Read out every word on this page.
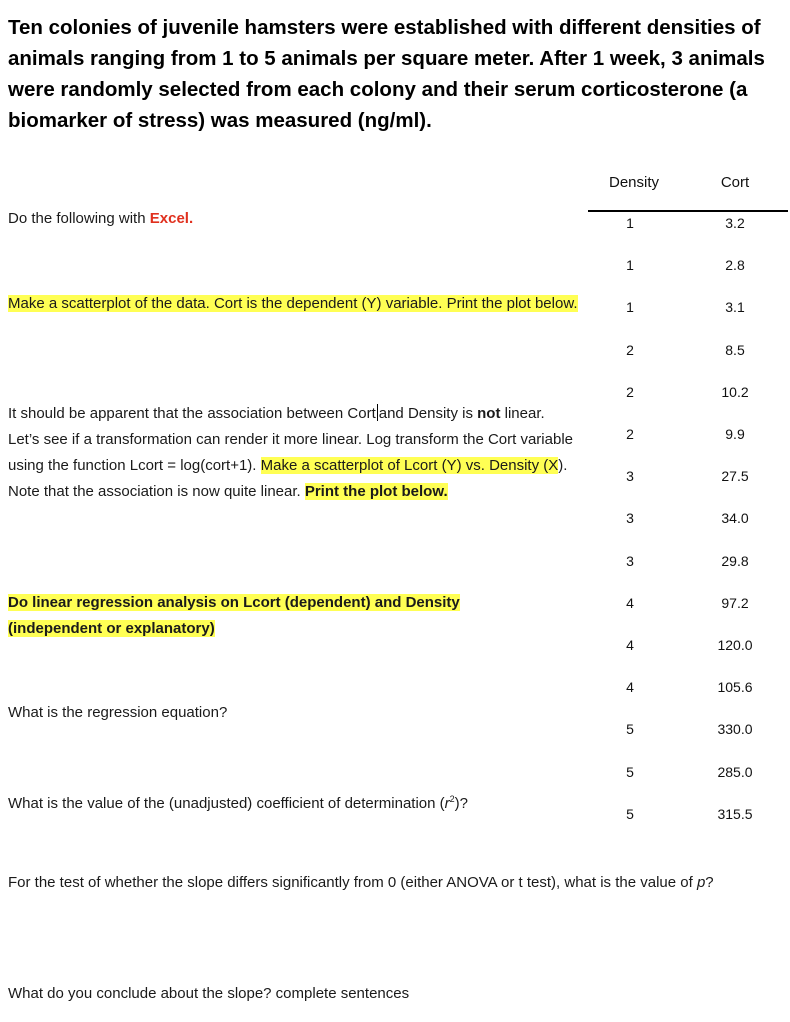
Ten colonies of juvenile hamsters were established with different densities of animals ranging from 1 to 5 animals per square meter. After 1 week, 3 animals were randomly selected from each colony and their serum corticosterone (a biomarker of stress) was measured (ng/ml).
Do the following with Excel.
Make a scatterplot of the data. Cort is the dependent (Y) variable. Print the plot below.
It should be apparent that the association between Cort and Density is not linear. Let’s see if a transformation can render it more linear. Log transform the Cort variable using the function Lcort = log(cort+1). Make a scatterplot of Lcort (Y) vs. Density (X). Note that the association is now quite linear. Print the plot below.
Do linear regression analysis on Lcort (dependent) and Density (independent or explanatory)
What is the regression equation?
What is the value of the (unadjusted) coefficient of determination $(r^2)$?
For the test of whether the slope differs significantly from 0 (either ANOVA or t test), what is the value of p?
What do you conclude about the slope? complete sentences
Density	Cort
1	3.2
1	2.8
1	3.1
2	8.5
2	10.2
2	9.9
3	27.5
3	34.0
3	29.8
4	97.2
4	120.0
4	105.6
5	330.0
5	285.0
5	315.5
